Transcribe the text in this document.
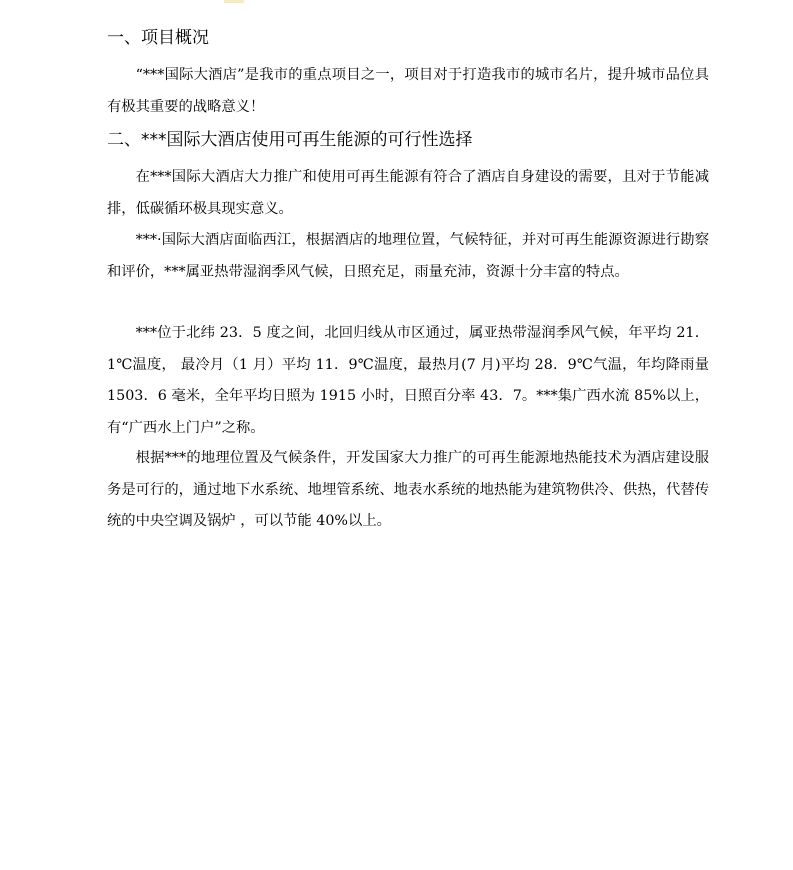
一、项目概况

“***国际大酒店”是我市的重点项目之一，项目对于打造我市的城市名片，提升城市品位具有极其重要的战略意义！

二、***国际大酒店使用可再生能源的可行性选择

在***国际大酒店大力推广和使用可再生能源有符合了酒店自身建设的需要，且对于节能减排，低碳循环极具现实意义。

***·国际大酒店面临西江，根据酒店的地理位置，气候特征，并对可再生能源资源进行勘察和评价，***属亚热带湿润季风气候，日照充足，雨量充沛，资源十分丰富的特点。

***位于北纬 23．5 度之间，北回归线从市区通过，属亚热带湿润季风气候，年平均 21．1℃温度， 最冷月（1 月）平均 11．9℃温度，最热月(7 月)平均 28．9℃气温，年均降雨量 1503．6 毫米，全年平均日照为 1915 小时，日照百分率 43．7。***集广西水流 85%以上，有“广西水上门户”之称。

根据***的地理位置及气候条件，开发国家大力推广的可再生能源地热能技术为酒店建设服务是可行的，通过地下水系统、地埋管系统、地表水系统的地热能为建筑物供冷、供热，代替传统的中央空调及锅炉 ，可以节能 40%以上。
